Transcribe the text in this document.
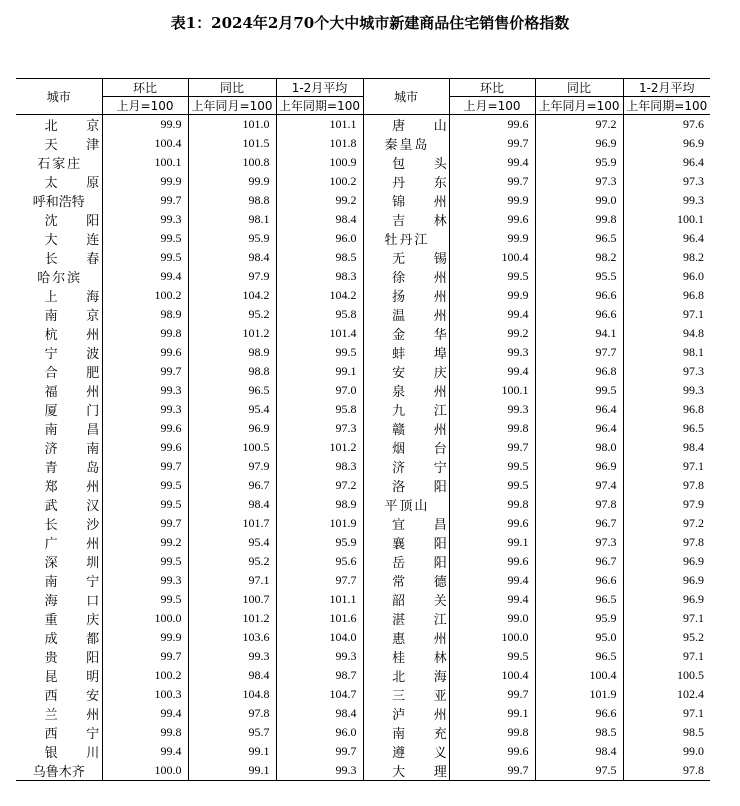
表1：2024年2月70个大中城市新建商品住宅销售价格指数
城市	环比	同比	1-2月平均	城市	环比	同比	1-2月平均
	上月=100	上年同月=100	上年同期=100		上月=100	上年同月=100	上年同期=100
北京	99.9	101.0	101.1	唐山	99.6	97.2	97.6
天津	100.4	101.5	101.8	秦皇岛	99.7	96.9	96.9
石家庄	100.1	100.8	100.9	包头	99.4	95.9	96.4
太原	99.9	99.9	100.2	丹东	99.7	97.3	97.3
呼和浩特	99.7	98.8	99.2	锦州	99.9	99.0	99.3
沈阳	99.3	98.1	98.4	吉林	99.6	99.8	100.1
大连	99.5	95.9	96.0	牡丹江	99.9	96.5	96.4
长春	99.5	98.4	98.5	无锡	100.4	98.2	98.2
哈尔滨	99.4	97.9	98.3	徐州	99.5	95.5	96.0
上海	100.2	104.2	104.2	扬州	99.9	96.6	96.8
南京	98.9	95.2	95.8	温州	99.4	96.6	97.1
杭州	99.8	101.2	101.4	金华	99.2	94.1	94.8
宁波	99.6	98.9	99.5	蚌埠	99.3	97.7	98.1
合肥	99.7	98.8	99.1	安庆	99.4	96.8	97.3
福州	99.3	96.5	97.0	泉州	100.1	99.5	99.3
厦门	99.3	95.4	95.8	九江	99.3	96.4	96.8
南昌	99.6	96.9	97.3	赣州	99.8	96.4	96.5
济南	99.6	100.5	101.2	烟台	99.7	98.0	98.4
青岛	99.7	97.9	98.3	济宁	99.5	96.9	97.1
郑州	99.5	96.7	97.2	洛阳	99.5	97.4	97.8
武汉	99.5	98.4	98.9	平顶山	99.8	97.8	97.9
长沙	99.7	101.7	101.9	宜昌	99.6	96.7	97.2
广州	99.2	95.4	95.9	襄阳	99.1	97.3	97.8
深圳	99.5	95.2	95.6	岳阳	99.6	96.7	96.9
南宁	99.3	97.1	97.7	常德	99.4	96.6	96.9
海口	99.5	100.7	101.1	韶关	99.4	96.5	96.9
重庆	100.0	101.2	101.6	湛江	99.0	95.9	97.1
成都	99.9	103.6	104.0	惠州	100.0	95.0	95.2
贵阳	99.7	99.3	99.3	桂林	99.5	96.5	97.1
昆明	100.2	98.4	98.7	北海	100.4	100.4	100.5
西安	100.3	104.8	104.7	三亚	99.7	101.9	102.4
兰州	99.4	97.8	98.4	泸州	99.1	96.6	97.1
西宁	99.8	95.7	96.0	南充	99.8	98.5	98.5
银川	99.4	99.1	99.7	遵义	99.6	98.4	99.0
乌鲁木齐	100.0	99.1	99.3	大理	99.7	97.5	97.8
